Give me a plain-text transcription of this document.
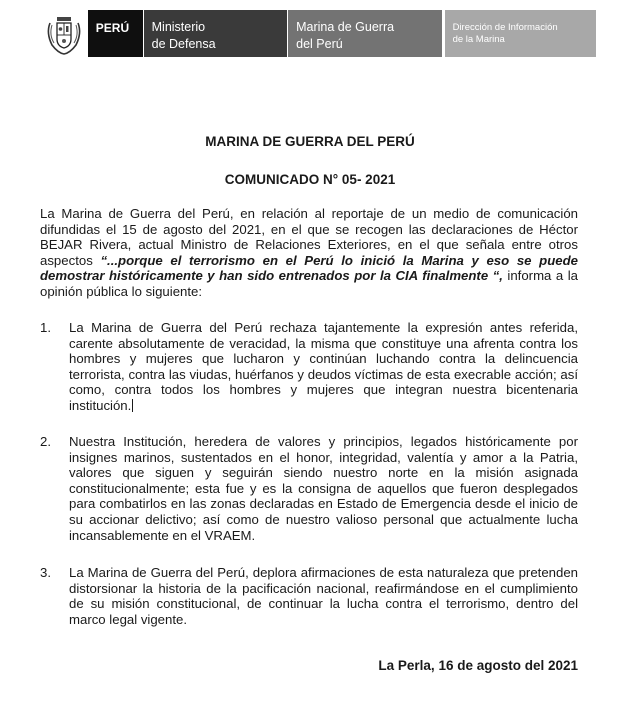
PERÚ	Ministerio
de Defensa
Marina de Guerra
del Perú
Dirección de Información
de la Marina
MARINA DE GUERRA DEL PERÚ
COMUNICADO N° 05- 2021

La Marina de Guerra del Perú, en relación al reportaje de un medio de comunicación difundidas el 15 de agosto del 2021, en el que se recogen las declaraciones de Héctor BEJAR Rivera, actual Ministro de Relaciones Exteriores, en el que señala entre otros aspectos “...porque el terrorismo en el Perú lo inició la Marina y eso se puede demostrar históricamente y han sido entrenados por la CIA finalmente “, informa a la opinión pública lo siguiente:

1. La Marina de Guerra del Perú rechaza tajantemente la expresión antes referida, carente absolutamente de veracidad, la misma que constituye una afrenta contra los hombres y mujeres que lucharon y continúan luchando contra la delincuencia terrorista, contra las viudas, huérfanos y deudos víctimas de esta execrable acción; así como, contra todos los hombres y mujeres que integran nuestra bicentenaria institución.

2. Nuestra Institución, heredera de valores y principios, legados históricamente por insignes marinos, sustentados en el honor, integridad, valentía y amor a la Patria, valores que siguen y seguirán siendo nuestro norte en la misión asignada constitucionalmente; esta fue y es la consigna de aquellos que fueron desplegados para combatirlos en las zonas declaradas en Estado de Emergencia desde el inicio de su accionar delictivo; así como de nuestro valioso personal que actualmente lucha incansablemente en el VRAEM.

3. La Marina de Guerra del Perú, deplora afirmaciones de esta naturaleza que pretenden distorsionar la historia de la pacificación nacional, reafirmándose en el cumplimiento de su misión constitucional, de continuar la lucha contra el terrorismo, dentro del marco legal vigente.

La Perla, 16 de agosto del 2021
